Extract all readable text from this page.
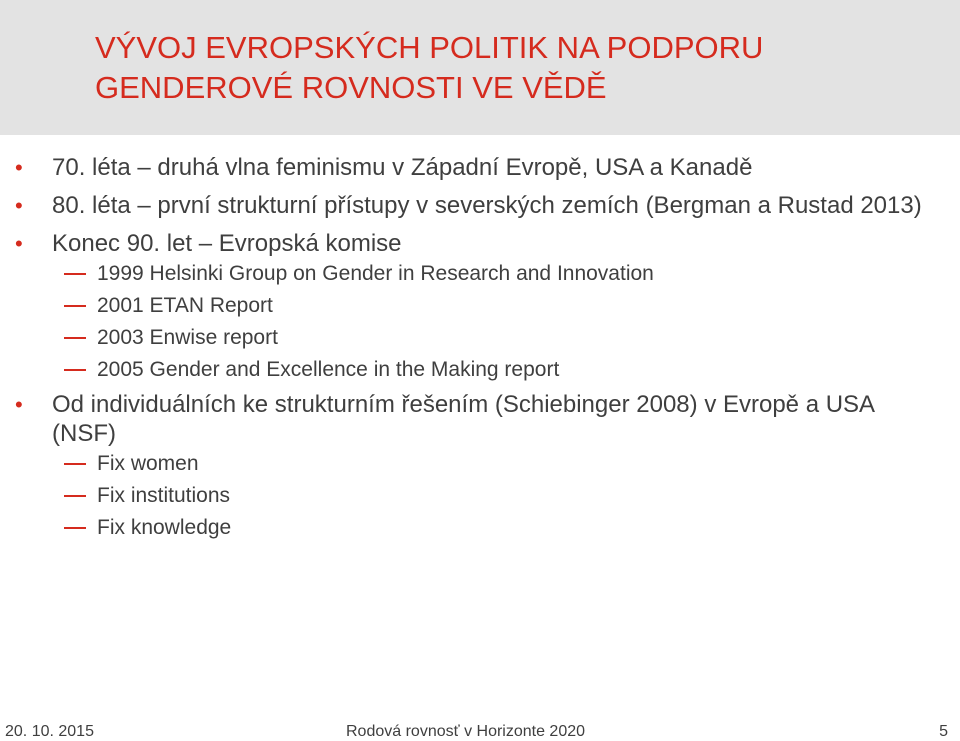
VÝVOJ EVROPSKÝCH POLITIK NA PODPORU GENDEROVÉ ROVNOSTI VE VĚDĚ
• 70. léta – druhá vlna feminismu v Západní Evropě, USA a Kanadě
• 80. léta – první strukturní přístupy v severských zemích (Bergman a Rustad 2013)
• Konec 90. let – Evropská komise
1999 Helsinki Group on Gender in Research and Innovation
2001 ETAN Report
2003 Enwise report
2005 Gender and Excellence in the Making report
• Od individuálních ke strukturním řešením (Schiebinger 2008) v Evropě a USA (NSF)
Fix women
Fix institutions
Fix knowledge
20. 10. 2015	Rodová rovnosť v Horizonte 2020	5
